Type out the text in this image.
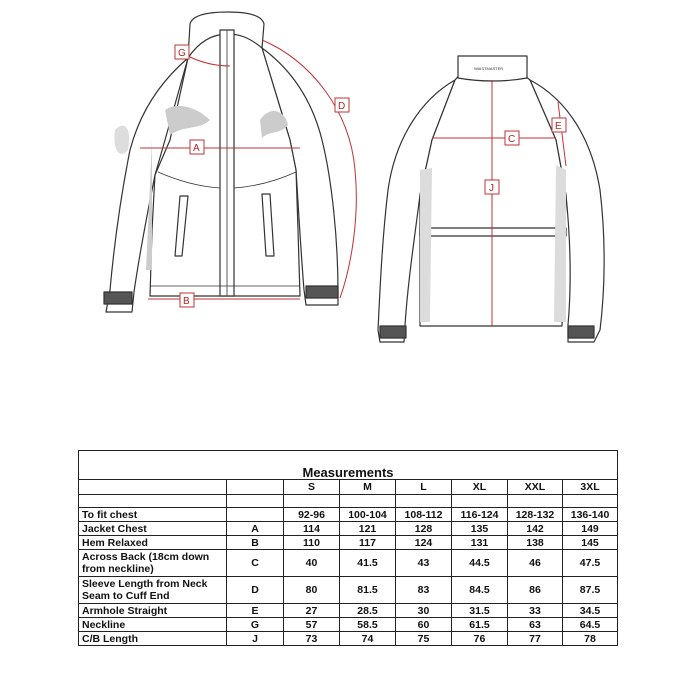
WAISTMASTER
A
B
C
D
E
G
J
Measurements							
		S	M	L	XL	XXL	3XL

To fit chest		92-96	100-104	108-112	116-124	128-132	136-140
Jacket Chest	A	114	121	128	135	142	149
Hem Relaxed	B	110	117	124	131	138	145
Across Back (18cm down from neckline)	C	40	41.5	43	44.5	46	47.5
Sleeve Length from Neck Seam to Cuff End	D	80	81.5	83	84.5	86	87.5
Armhole Straight	E	27	28.5	30	31.5	33	34.5
Neckline	G	57	58.5	60	61.5	63	64.5
C/B Length	J	73	74	75	76	77	78
